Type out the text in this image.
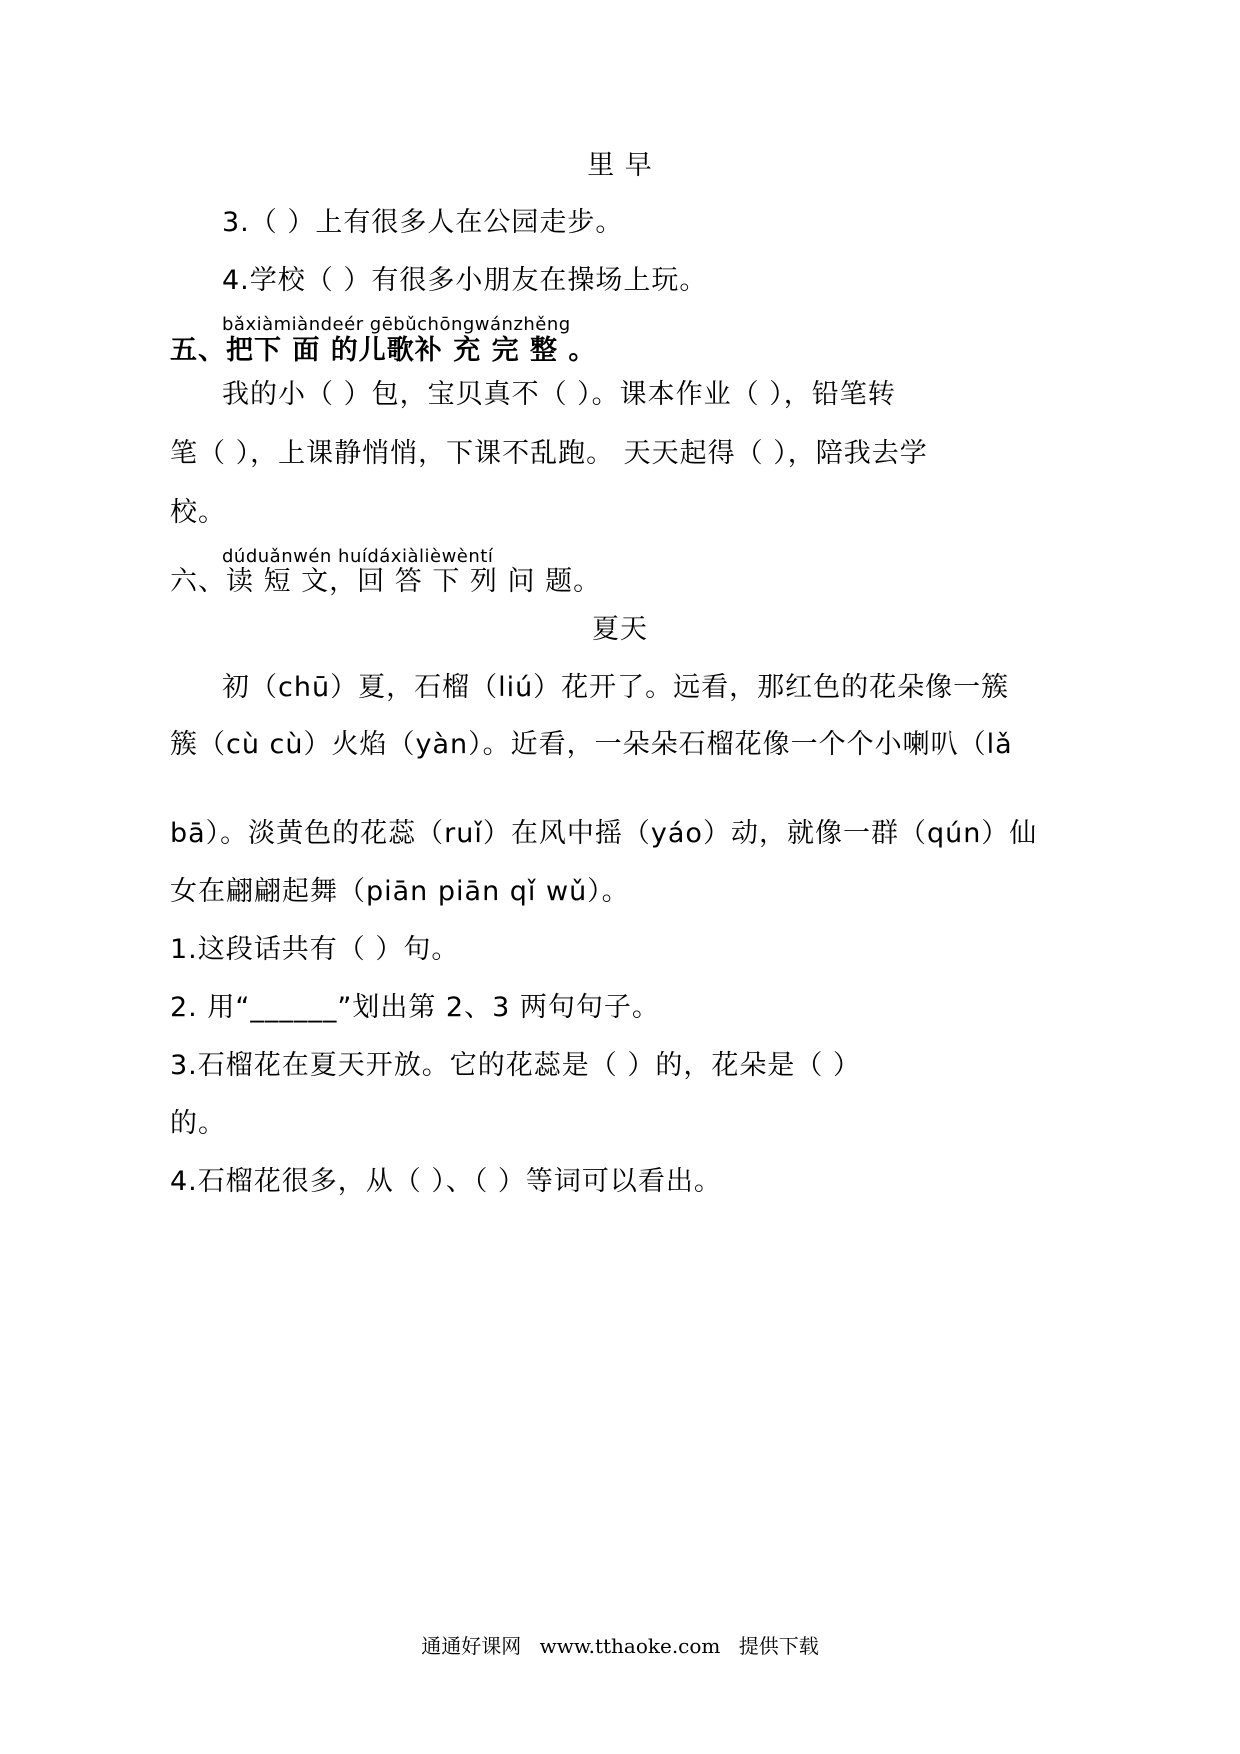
里 早
3.（ ）上有很多人在公园走步。
4.学校（ ）有很多小朋友在操场上玩。
bǎxiàmiàndeér gēbǔchōngwánzhěng
五、把下 面 的儿歌补 充 完 整 。
我的小（ ）包，宝贝真不（ ）。课本作业（ ），铅笔转
笔（ ），上课静悄悄，下课不乱跑。 天天起得（ ），陪我去学
校。
dúduǎnwén huídáxiàlièwèntí
六、读 短 文，回 答 下 列 问 题。
夏天
初（chū）夏，石榴（liú）花开了。远看，那红色的花朵像一簇
簇（cù cù）火焰（yàn）。近看，一朵朵石榴花像一个个小喇叭（lǎ
bā）。淡黄色的花蕊（ruǐ）在风中摇（yáo）动，就像一群（qún）仙
女在翩翩起舞（piān piān qǐ wǔ）。
1.这段话共有（ ）句。
2. 用“______”划出第 2、3 两句句子。
3.石榴花在夏天开放。它的花蕊是（ ）的，花朵是（ ）
的。
4.石榴花很多，从（ ）、（ ）等词可以看出。
通通好课网 www.tthaoke.com 提供下载
